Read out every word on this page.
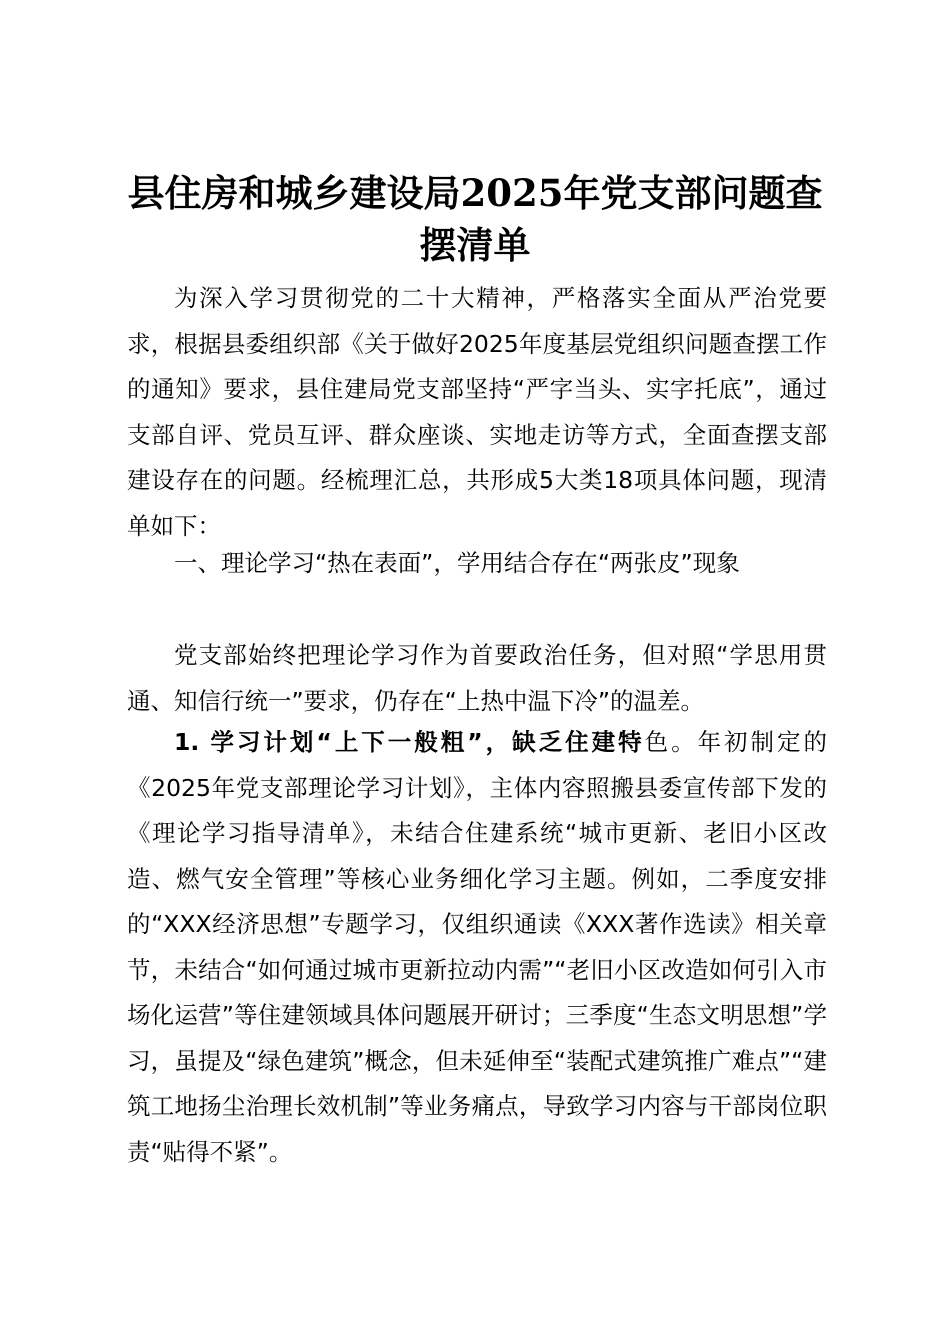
县住房和城乡建设局2025年党支部问题查摆清单

为深入学习贯彻党的二十大精神，严格落实全面从严治党要求，根据县委组织部《关于做好2025年度基层党组织问题查摆工作的通知》要求，县住建局党支部坚持“严字当头、实字托底”，通过支部自评、党员互评、群众座谈、实地走访等方式，全面查摆支部建设存在的问题。经梳理汇总，共形成5大类18项具体问题，现清单如下：

一、理论学习“热在表面”，学用结合存在“两张皮”现象

党支部始终把理论学习作为首要政治任务，但对照“学思用贯通、知信行统一”要求，仍存在“上热中温下冷”的温差。

1. 学习计划“上下一般粗”，缺乏住建特色。年初制定的《2025年党支部理论学习计划》，主体内容照搬县委宣传部下发的《理论学习指导清单》，未结合住建系统“城市更新、老旧小区改造、燃气安全管理”等核心业务细化学习主题。例如，二季度安排的“XXX经济思想”专题学习，仅组织通读《XXX著作选读》相关章节，未结合“如何通过城市更新拉动内需”“老旧小区改造如何引入市场化运营”等住建领域具体问题展开研讨；三季度“生态文明思想”学习，虽提及“绿色建筑”概念，但未延伸至“装配式建筑推广难点”“建筑工地扬尘治理长效机制”等业务痛点，导致学习内容与干部岗位职责“贴得不紧”。
